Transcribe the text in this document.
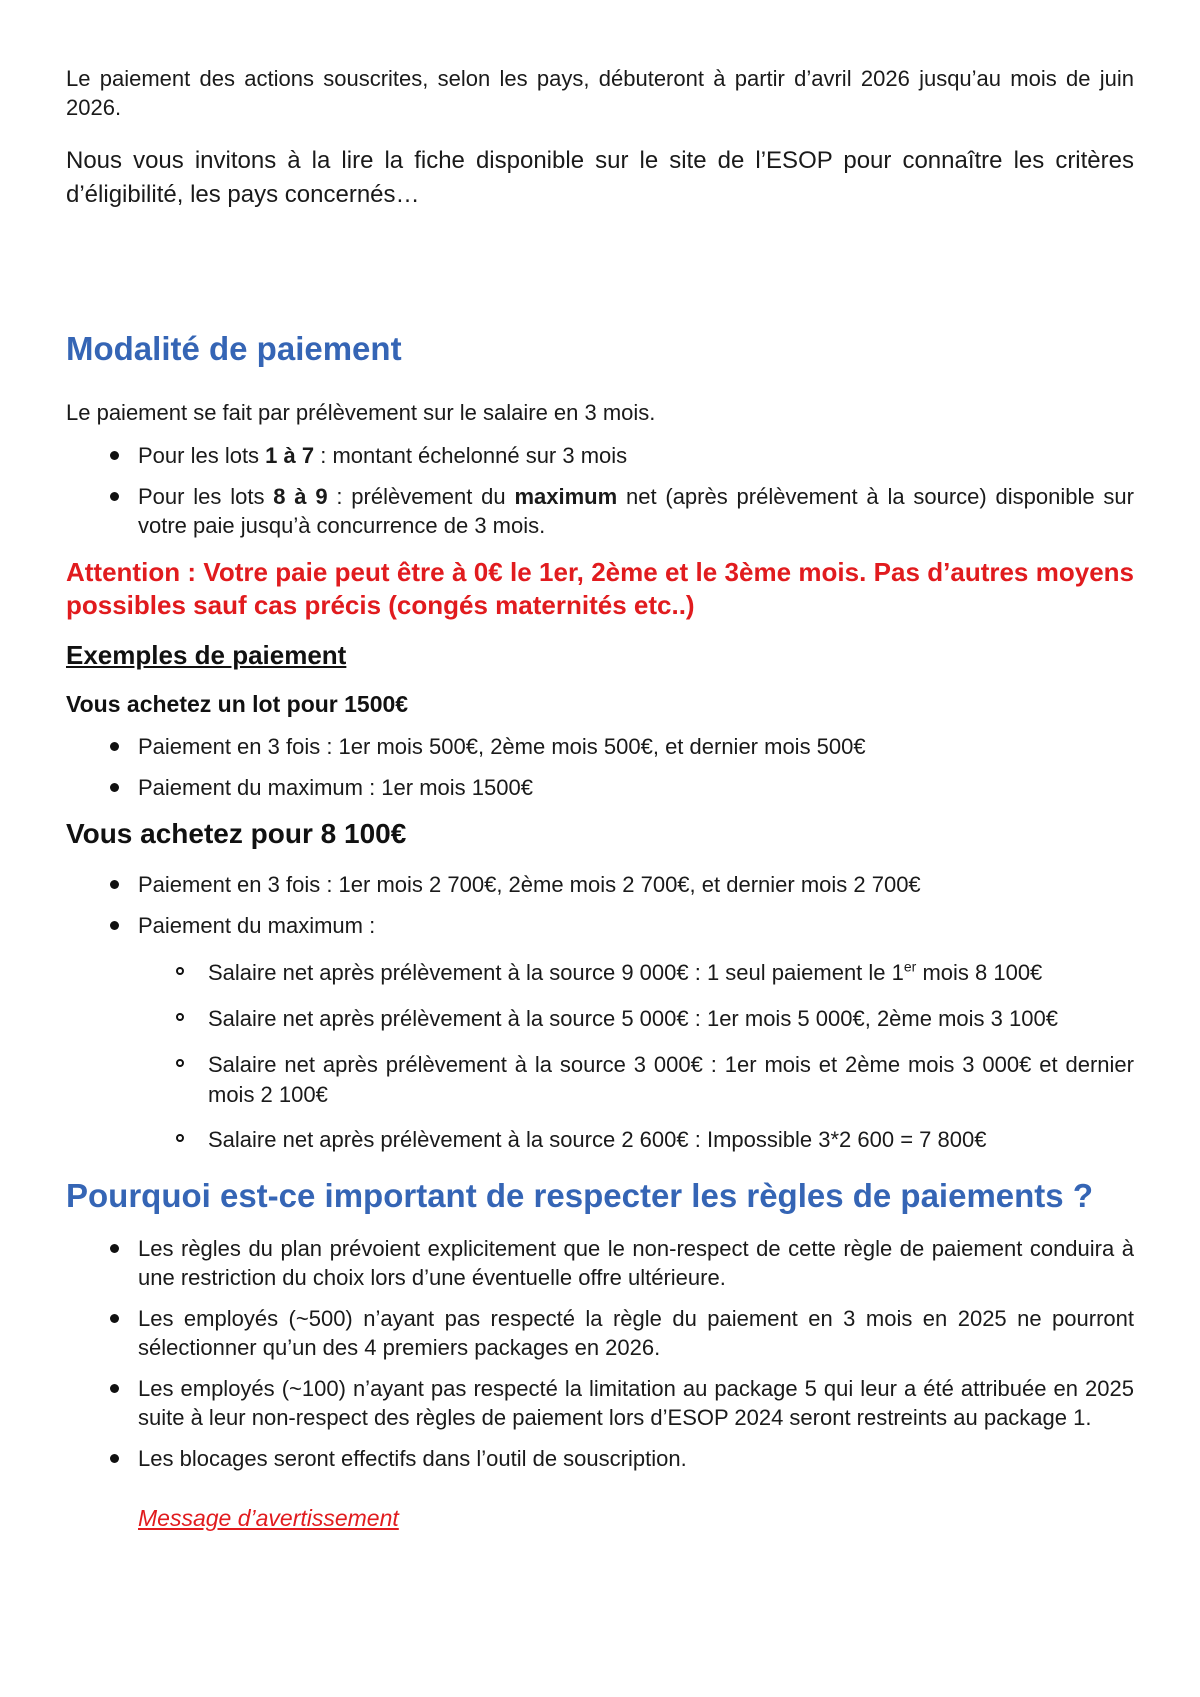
Le paiement des actions souscrites, selon les pays, débuteront à partir d’avril 2026 jusqu’au mois de juin 2026.

Nous vous invitons à la lire la fiche disponible sur le site de l’ESOP pour connaître les critères d’éligibilité, les pays concernés…

Modalité de paiement

Le paiement se fait par prélèvement sur le salaire en 3 mois.

Pour les lots 1 à 7 : montant échelonné sur 3 mois
Pour les lots 8 à 9 : prélèvement du maximum net (après prélèvement à la source) disponible sur votre paie jusqu’à concurrence de 3 mois.

Attention : Votre paie peut être à 0€ le 1er, 2ème et le 3ème mois. Pas d’autres moyens possibles sauf cas précis (congés maternités etc..)

Exemples de paiement
Vous achetez un lot pour 1500€
Paiement en 3 fois : 1er mois 500€, 2ème mois 500€, et dernier mois 500€
Paiement du maximum : 1er mois 1500€
Vous achetez pour 8 100€
Paiement en 3 fois : 1er mois 2 700€, 2ème mois 2 700€, et dernier mois 2 700€
Paiement du maximum :
Salaire net après prélèvement à la source 9 000€ : 1 seul paiement le 1er mois 8 100€
Salaire net après prélèvement à la source 5 000€ : 1er mois 5 000€, 2ème mois 3 100€
Salaire net après prélèvement à la source 3 000€ : 1er mois et 2ème mois 3 000€ et dernier mois 2 100€
Salaire net après prélèvement à la source 2 600€ : Impossible 3*2 600 = 7 800€
Pourquoi est-ce important de respecter les règles de paiements ?
Les règles du plan prévoient explicitement que le non-respect de cette règle de paiement conduira à une restriction du choix lors d’une éventuelle offre ultérieure.
Les employés (~500) n’ayant pas respecté la règle du paiement en 3 mois en 2025 ne pourront sélectionner qu’un des 4 premiers packages en 2026.
Les employés (~100) n’ayant pas respecté la limitation au package 5 qui leur a été attribuée en 2025 suite à leur non-respect des règles de paiement lors d’ESOP 2024 seront restreints au package 1.
Les blocages seront effectifs dans l’outil de souscription.
Message d’avertissement
